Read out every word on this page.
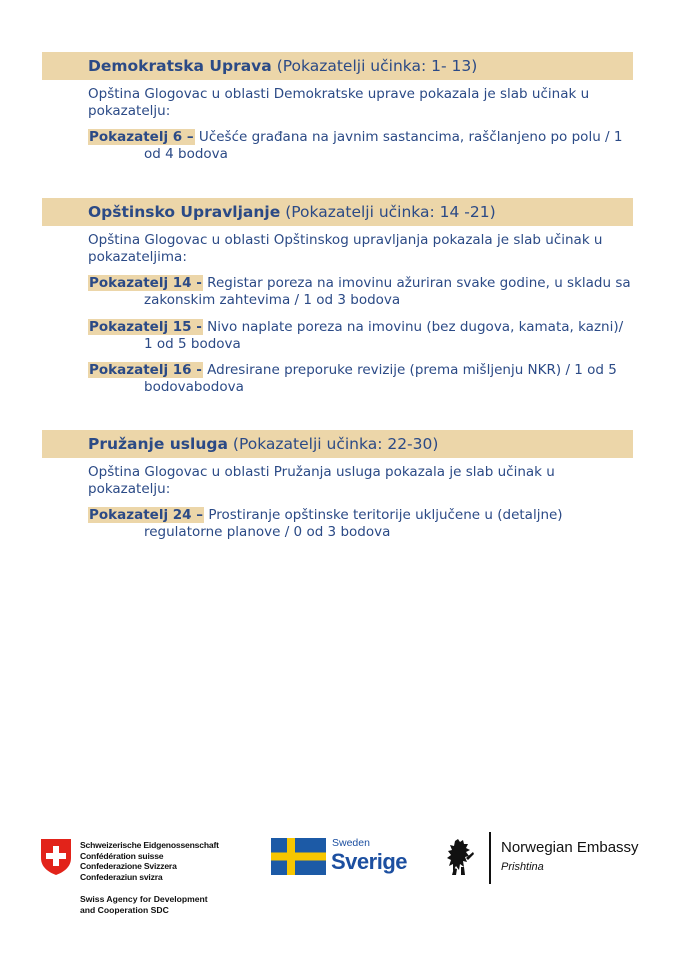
Demokratska Uprava (Pokazatelji učinka: 1- 13)
Opština Glogovac u oblasti Demokratske uprave pokazala je slab učinak u pokazatelju:
Pokazatelj 6 – Učešće građana na javnim sastancima, raščlanjeno po polu / 1 od 4 bodova
Opštinsko Upravljanje (Pokazatelji učinka: 14 -21)
Opština Glogovac u oblasti Opštinskog upravljanja pokazala je slab učinak u pokazateljima:
Pokazatelj 14 - Registar poreza na imovinu ažuriran svake godine, u skladu sa zakonskim zahtevima / 1 od 3 bodova
Pokazatelj 15 - Nivo naplate poreza na imovinu (bez dugova, kamata, kazni)/ 1 od 5 bodova
Pokazatelj 16 - Adresirane preporuke revizije (prema mišljenju NKR) / 1 od 5 bodovabodova
Pružanje usluga (Pokazatelji učinka: 22-30)
Opština Glogovac u oblasti Pružanja usluga pokazala je slab učinak u pokazatelju:
Pokazatelj 24 – Prostiranje opštinske teritorije uključene u (detaljne) regulatorne planove / 0 od 3 bodova
Schweizerische Eidgenossenschaft
Confédération suisse
Confederazione Svizzera
Confederaziun svizra
Swiss Agency for Development
and Cooperation SDC
Sweden
Sverige
Norwegian Embassy
Prishtina
